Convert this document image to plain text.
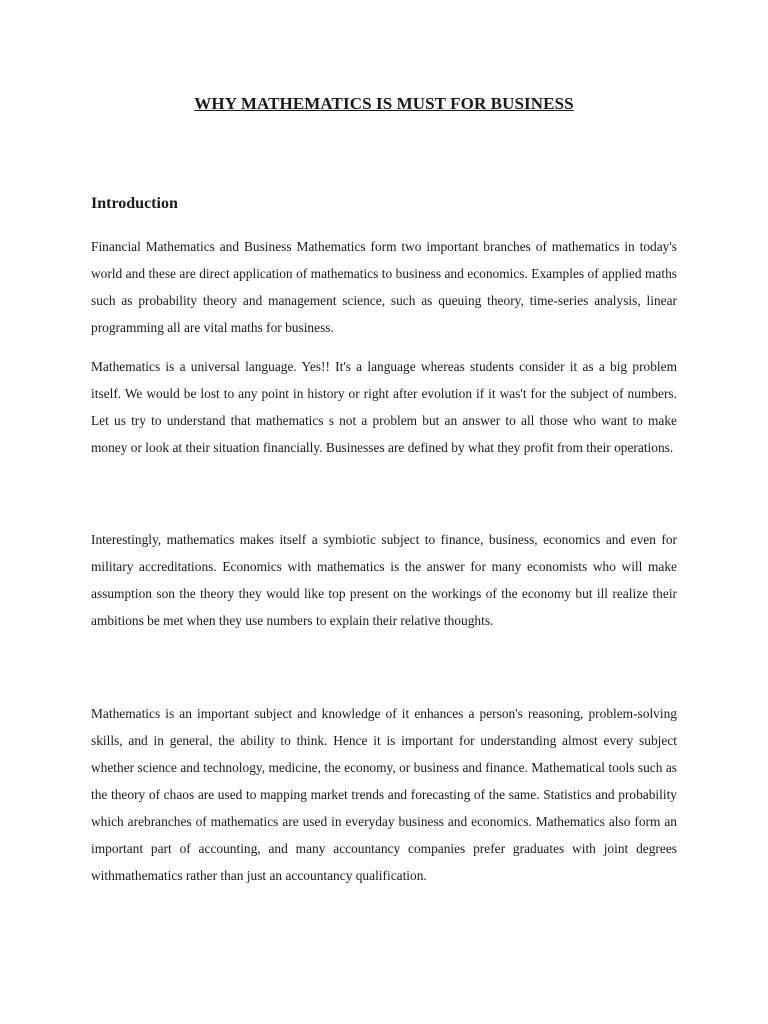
WHY MATHEMATICS IS MUST FOR BUSINESS
Introduction

Financial Mathematics and Business Mathematics form two important branches of mathematics in today's world and these are direct application of mathematics to business and economics. Examples of applied maths such as probability theory and management science, such as queuing theory, time-series analysis, linear programming all are vital maths for business.

Mathematics is a universal language. Yes!! It's a language whereas students consider it as a big problem itself. We would be lost to any point in history or right after evolution if it was't for the subject of numbers. Let us try to understand that mathematics s not a problem but an answer to all those who want to make money or look at their situation financially. Businesses are defined by what they profit from their operations.

Interestingly, mathematics makes itself a symbiotic subject to finance, business, economics and even for military accreditations. Economics with mathematics is the answer for many economists who will make assumption son the theory they would like top present on the workings of the economy but ill realize their ambitions be met when they use numbers to explain their relative thoughts.

Mathematics is an important subject and knowledge of it enhances a person's reasoning, problem-solving skills, and in general, the ability to think. Hence it is important for understanding almost every subject whether science and technology, medicine, the economy, or business and finance. Mathematical tools such as the theory of chaos are used to mapping market trends and forecasting of the same. Statistics and probability which arebranches of mathematics are used in everyday business and economics. Mathematics also form an important part of accounting, and many accountancy companies prefer graduates with joint degrees withmathematics rather than just an accountancy qualification.
